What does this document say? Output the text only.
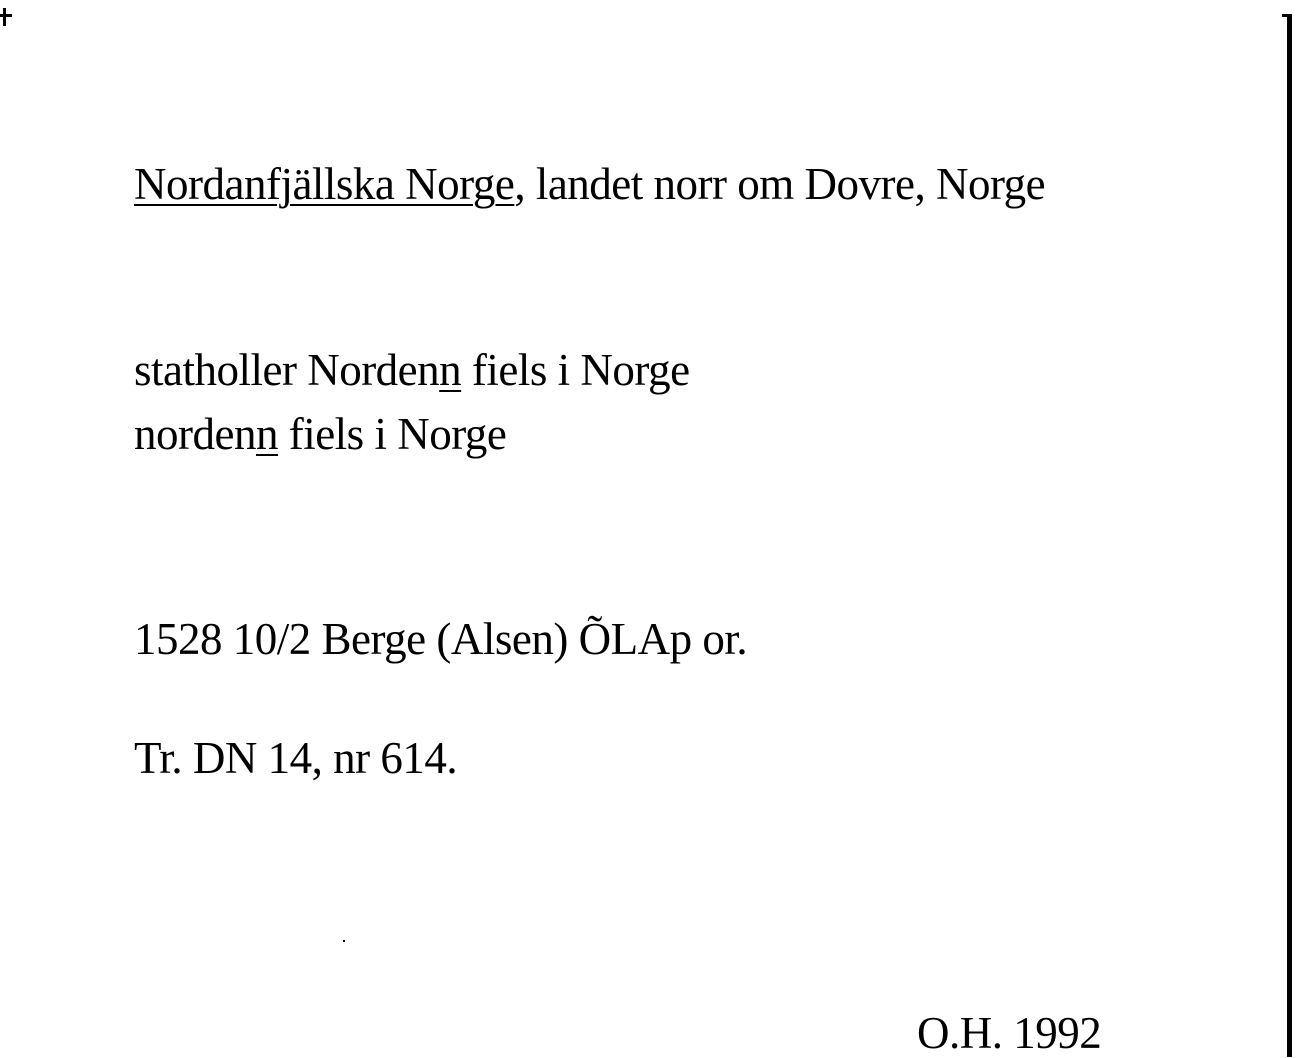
Nordanfjällska Norge, landet norr om Dovre, Norge
statholler Nordenn fiels i Norge
nordenn fiels i Norge
1528 10/2 Berge (Alsen) ÕLAp or.
Tr. DN 14, nr 614.
O.H. 1992
